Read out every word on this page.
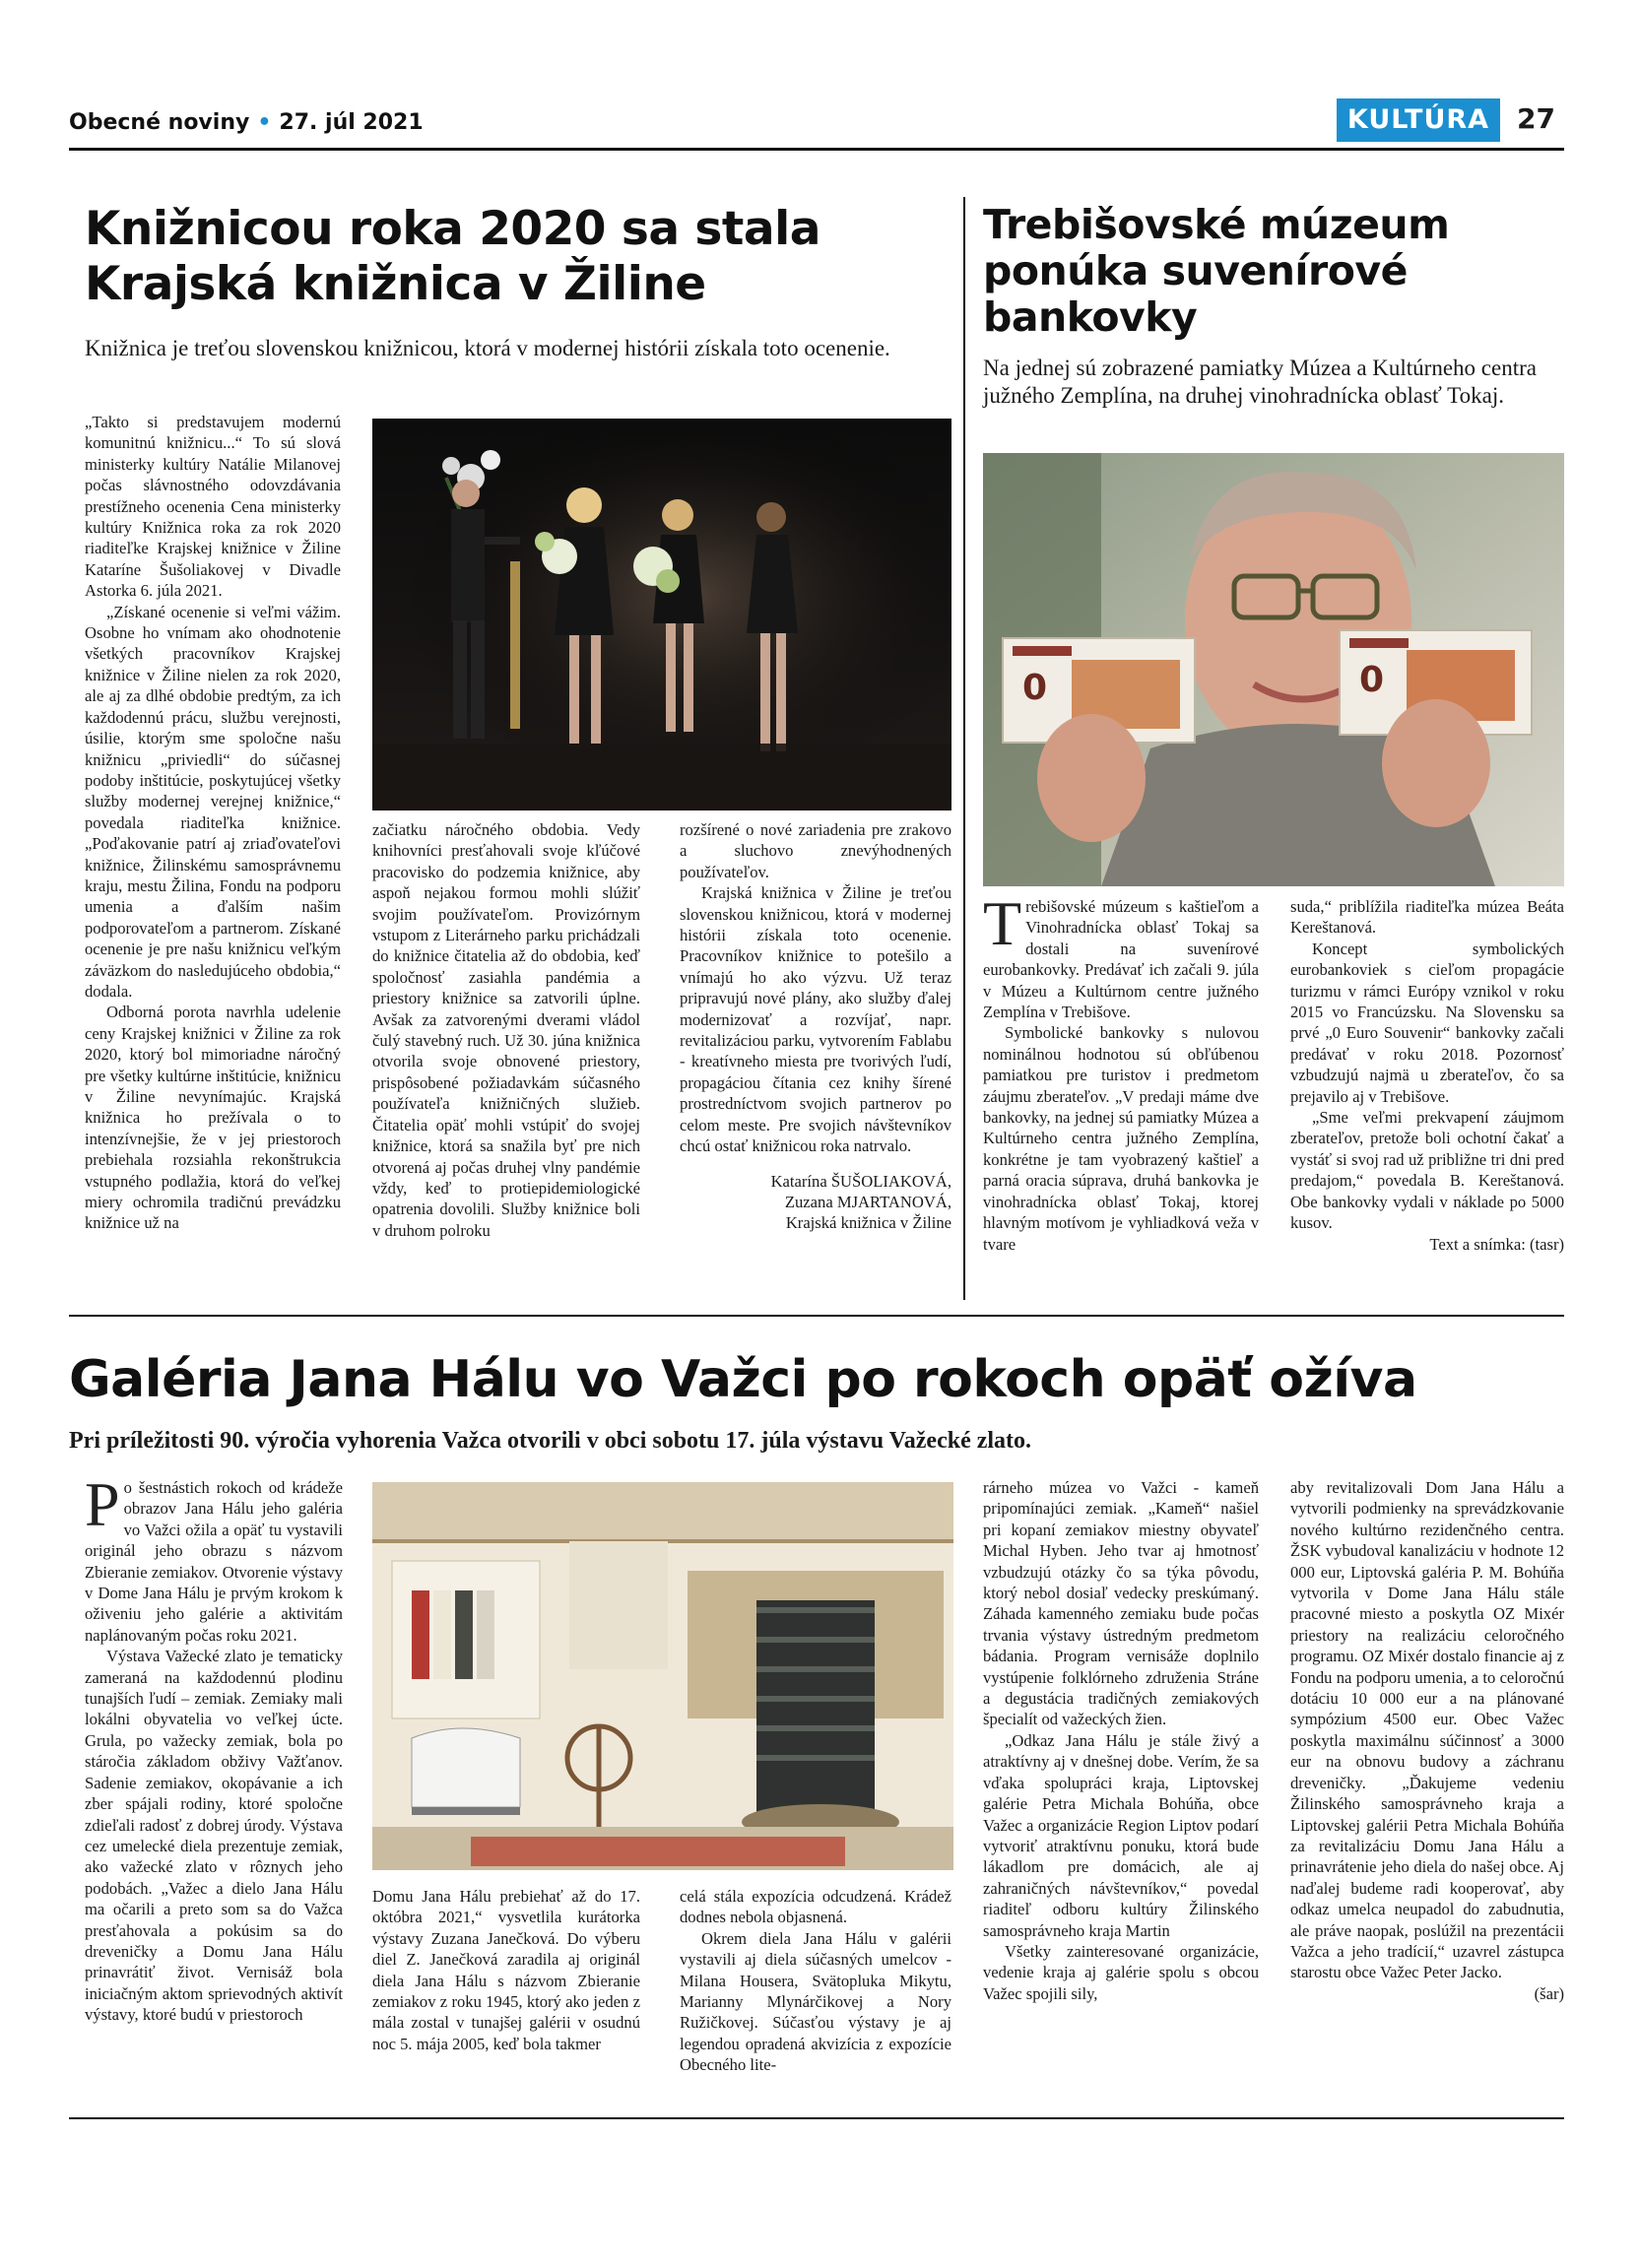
Obecné noviny • 27. júl 2021	KULTÚRA 27
Knižnicou roka 2020 sa stala Krajská knižnica v Žiline
Knižnica je treťou slovenskou knižnicou, ktorá v modernej histórii získala toto ocenenie.

„Takto si predstavujem modernú komunitnú knižnicu...“ To sú slová ministerky kultúry Natálie Milanovej počas slávnostného odovzdávania prestížneho ocenenia Cena ministerky kultúry Knižnica roka za rok 2020 riaditeľke Krajskej knižnice v Žiline Kataríne Šušoliakovej v Divadle Astorka 6. júla 2021.

„Získané ocenenie si veľmi vážim. Osobne ho vnímam ako ohodnotenie všetkých pracovníkov Krajskej knižnice v Žiline nielen za rok 2020, ale aj za dlhé obdobie predtým, za ich každodennú prácu, službu verejnosti, úsilie, ktorým sme spoločne našu knižnicu „priviedli“ do súčasnej podoby inštitúcie, poskytujúcej všetky služby modernej verejnej knižnice,“ povedala riaditeľka knižnice. „Poďakovanie patrí aj zriaďovateľovi knižnice, Žilinskému samosprávnemu kraju, mestu Žilina, Fondu na podporu umenia a ďalším našim podporovateľom a partnerom. Získané ocenenie je pre našu knižnicu veľkým záväzkom do nasledujúceho obdobia,“ dodala.

Odborná porota navrhla udelenie ceny Krajskej knižnici v Žiline za rok 2020, ktorý bol mimoriadne náročný pre všetky kultúrne inštitúcie, knižnicu v Žiline nevynímajúc. Krajská knižnica ho prežívala o to intenzívnejšie, že v jej priestoroch prebiehala rozsiahla rekonštrukcia vstupného podlažia, ktorá do veľkej miery ochromila tradičnú prevádzku knižnice už na

začiatku náročného obdobia. Vedy knihovníci presťahovali svoje kľúčové pracovisko do podzemia knižnice, aby aspoň nejakou formou mohli slúžiť svojim používateľom. Provizórnym vstupom z Literárneho parku prichádzali do knižnice čitatelia až do obdobia, keď spoločnosť zasiahla pandémia a priestory knižnice sa zatvorili úplne. Avšak za zatvorenými dverami vládol čulý stavebný ruch. Už 30. júna knižnica otvorila svoje obnovené priestory, prispôsobené požiadavkám súčasného používateľa knižničných služieb. Čitatelia opäť mohli vstúpiť do svojej knižnice, ktorá sa snažila byť pre nich otvorená aj počas druhej vlny pandémie vždy, keď to protiepidemiologické opatrenia dovolili. Služby knižnice boli v druhom polroku

rozšírené o nové zariadenia pre zrakovo a sluchovo znevýhodnených používateľov.

Krajská knižnica v Žiline je treťou slovenskou knižnicou, ktorá v modernej histórii získala toto ocenenie. Pracovníkov knižnice to potešilo a vnímajú ho ako výzvu. Už teraz pripravujú nové plány, ako služby ďalej modernizovať a rozvíjať, napr. revitalizáciou parku, vytvorením Fablabu - kreatívneho miesta pre tvorivých ľudí, propagáciou čítania cez knihy šírené prostredníctvom svojich partnerov po celom meste. Pre svojich návštevníkov chcú ostať knižnicou roka natrvalo.

Katarína ŠUŠOLIAKOVÁ,

Zuzana MJARTANOVÁ,

Krajská knižnica v Žiline

Trebišovské múzeum ponúka suvenírové bankovky
Na jednej sú zobrazené pamiatky Múzea a Kultúrneho centra južného Zemplína, na druhej vinohradnícka oblasť Tokaj.
0	0

Trebišovské múzeum s kaštieľom a Vinohradnícka oblasť Tokaj sa dostali na suvenírové eurobankovky. Predávať ich začali 9. júla v Múzeu a Kultúrnom centre južného Zemplína v Trebišove.

Symbolické bankovky s nulovou nominálnou hodnotou sú obľúbenou pamiatkou pre turistov i predmetom záujmu zberateľov. „V predaji máme dve bankovky, na jednej sú pamiatky Múzea a Kultúrneho centra južného Zemplína, konkrétne je tam vyobrazený kaštieľ a parná oracia súprava, druhá bankovka je vinohradnícka oblasť Tokaj, ktorej hlavným motívom je vyhliadková veža v tvare

suda,“ priblížila riaditeľka múzea Beáta Kereštanová.

Koncept symbolických eurobankoviek s cieľom propagácie turizmu v rámci Európy vznikol v roku 2015 vo Francúzsku. Na Slovensku sa prvé „0 Euro Souvenir“ bankovky začali predávať v roku 2018. Pozornosť vzbudzujú najmä u zberateľov, čo sa prejavilo aj v Trebišove.

„Sme veľmi prekvapení záujmom zberateľov, pretože boli ochotní čakať a vystáť si svoj rad už približne tri dni pred predajom,“ povedala B. Kereštanová. Obe bankovky vydali v náklade po 5000 kusov.

Text a snímka: (tasr)
Galéria Jana Hálu vo Važci po rokoch opäť ožíva
Pri príležitosti 90. výročia vyhorenia Važca otvorili v obci sobotu 17. júla výstavu Važecké zlato.

Po šestnástich rokoch od krádeže obrazov Jana Hálu jeho galéria vo Važci ožila a opäť tu vystavili originál jeho obrazu s názvom Zbieranie zemiakov. Otvorenie výstavy v Dome Jana Hálu je prvým krokom k oživeniu jeho galérie a aktivitám naplánovaným počas roku 2021.

Výstava Važecké zlato je tematicky zameraná na každodennú plodinu tunajších ľudí – zemiak. Zemiaky mali lokálni obyvatelia vo veľkej úcte. Grula, po važecky zemiak, bola po stáročia základom obživy Važťanov. Sadenie zemiakov, okopávanie a ich zber spájali rodiny, ktoré spoločne zdieľali radosť z dobrej úrody. Výstava cez umelecké diela prezentuje zemiak, ako važecké zlato v rôznych jeho podobách. „Važec a dielo Jana Hálu ma očarili a preto som sa do Važca presťahovala a pokúsim sa do dreveničky a Domu Jana Hálu prinavrátiť život. Vernisáž bola iniciačným aktom sprievodných aktivít výstavy, ktoré budú v priestoroch

Domu Jana Hálu prebiehať až do 17. októbra 2021,“ vysvetlila kurátorka výstavy Zuzana Janečková. Do výberu diel Z. Janečková zaradila aj originál diela Jana Hálu s názvom Zbieranie zemiakov z roku 1945, ktorý ako jeden z mála zostal v tunajšej galérii v osudnú noc 5. mája 2005, keď bola takmer

celá stála expozícia odcudzená. Krádež dodnes nebola objasnená.

Okrem diela Jana Hálu v galérii vystavili aj diela súčasných umelcov - Milana Housera, Svätopluka Mikytu, Marianny Mlynárčikovej a Nory Ružičkovej. Súčasťou výstavy je aj legendou opradená akvizícia z expozície Obecného lite-

rárneho múzea vo Važci - kameň pripomínajúci zemiak. „Kameň“ našiel pri kopaní zemiakov miestny obyvateľ Michal Hyben. Jeho tvar aj hmotnosť vzbudzujú otázky čo sa týka pôvodu, ktorý nebol dosiaľ vedecky preskúmaný. Záhada kamenného zemiaku bude počas trvania výstavy ústredným predmetom bádania. Program vernisáže doplnilo vystúpenie folklórneho združenia Stráne a degustácia tradičných zemiakových špecialít od važeckých žien.

„Odkaz Jana Hálu je stále živý a atraktívny aj v dnešnej dobe. Verím, že sa vďaka spolupráci kraja, Liptovskej galérie Petra Michala Bohúňa, obce Važec a organizácie Region Liptov podarí vytvoriť atraktívnu ponuku, ktorá bude lákadlom pre domácich, ale aj zahraničných návštevníkov,“ povedal riaditeľ odboru kultúry Žilinského samosprávneho kraja Martin

Všetky zainteresované organizácie, vedenie kraja aj galérie spolu s obcou Važec spojili sily,

aby revitalizovali Dom Jana Hálu a vytvorili podmienky na sprevádzkovanie nového kultúrno rezidenčného centra. ŽSK vybudoval kanalizáciu v hodnote 12 000 eur, Liptovská galéria P. M. Bohúňa vytvorila v Dome Jana Hálu stále pracovné miesto a poskytla OZ Mixér priestory na realizáciu celoročného programu. OZ Mixér dostalo financie aj z Fondu na podporu umenia, a to celoročnú dotáciu 10 000 eur a na plánované sympózium 4500 eur. Obec Važec poskytla maximálnu súčinnosť a 3000 eur na obnovu budovy a záchranu dreveničky. „Ďakujeme vedeniu Žilinského samosprávneho kraja a Liptovskej galérii Petra Michala Bohúňa za revitalizáciu Domu Jana Hálu a prinavrátenie jeho diela do našej obce. Aj naďalej budeme radi kooperovať, aby odkaz umelca neupadol do zabudnutia, ale práve naopak, poslúžil na prezentácii Važca a jeho tradícií,“ uzavrel zástupca starostu obce Važec Peter Jacko.

(šar)
